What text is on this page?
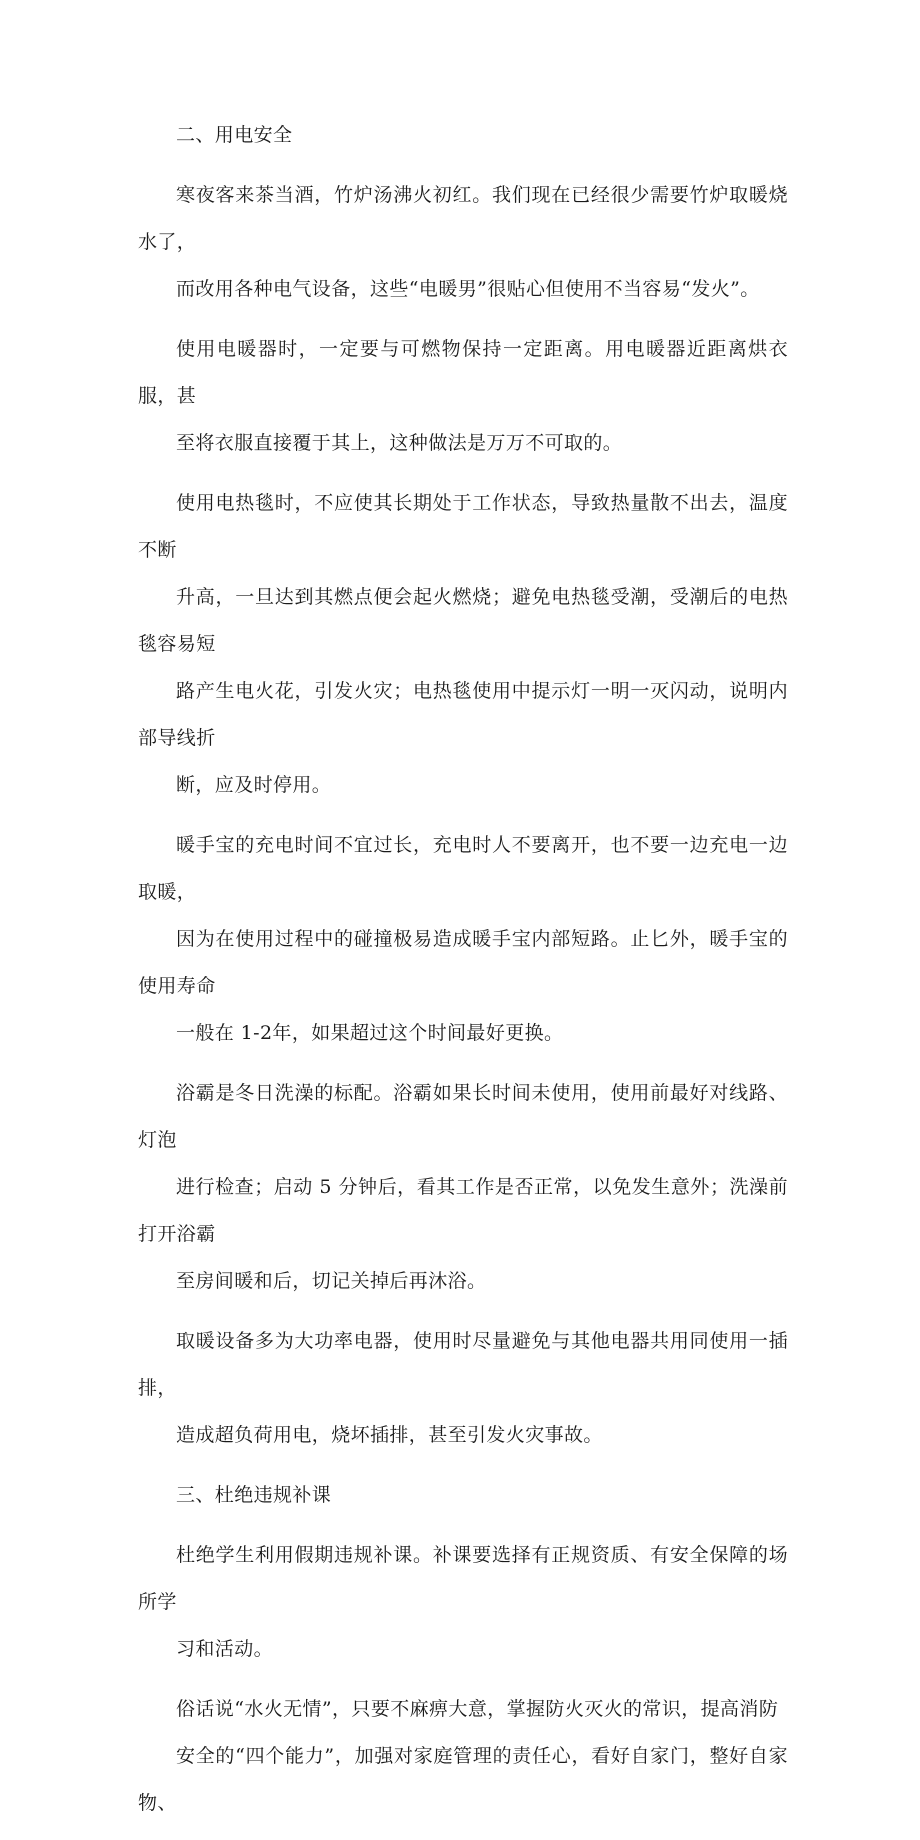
二、用电安全

寒夜客来茶当酒，竹炉汤沸火初红。我们现在已经很少需要竹炉取暖烧水了，
而改用各种电气设备，这些“电暖男”很贴心但使用不当容易“发火”。

使用电暖器时，一定要与可燃物保持一定距离。用电暖器近距离烘衣服，甚
至将衣服直接覆于其上，这种做法是万万不可取的。

使用电热毯时，不应使其长期处于工作状态，导致热量散不出去，温度不断
升高，一旦达到其燃点便会起火燃烧；避免电热毯受潮，受潮后的电热毯容易短
路产生电火花，引发火灾；电热毯使用中提示灯一明一灭闪动，说明内部导线折
断，应及时停用。

暖手宝的充电时间不宜过长，充电时人不要离开，也不要一边充电一边取暖，
因为在使用过程中的碰撞极易造成暖手宝内部短路。止匕外，暖手宝的使用寿命
一般在 1-2年，如果超过这个时间最好更换。

浴霸是冬日洗澡的标配。浴霸如果长时间未使用，使用前最好对线路、灯泡
进行检查；启动 5 分钟后，看其工作是否正常，以免发生意外；洗澡前打开浴霸
至房间暖和后，切记关掉后再沐浴。

取暖设备多为大功率电器，使用时尽量避免与其他电器共用同使用一插排，
造成超负荷用电，烧坏插排，甚至引发火灾事故。

三、杜绝违规补课

杜绝学生利用假期违规补课。补课要选择有正规资质、有安全保障的场所学
习和活动。

俗话说“水火无情”，只要不麻痹大意，掌握防火灭火的常识，提高消防
安全的“四个能力”，加强对家庭管理的责任心，看好自家门，整好自家物、
